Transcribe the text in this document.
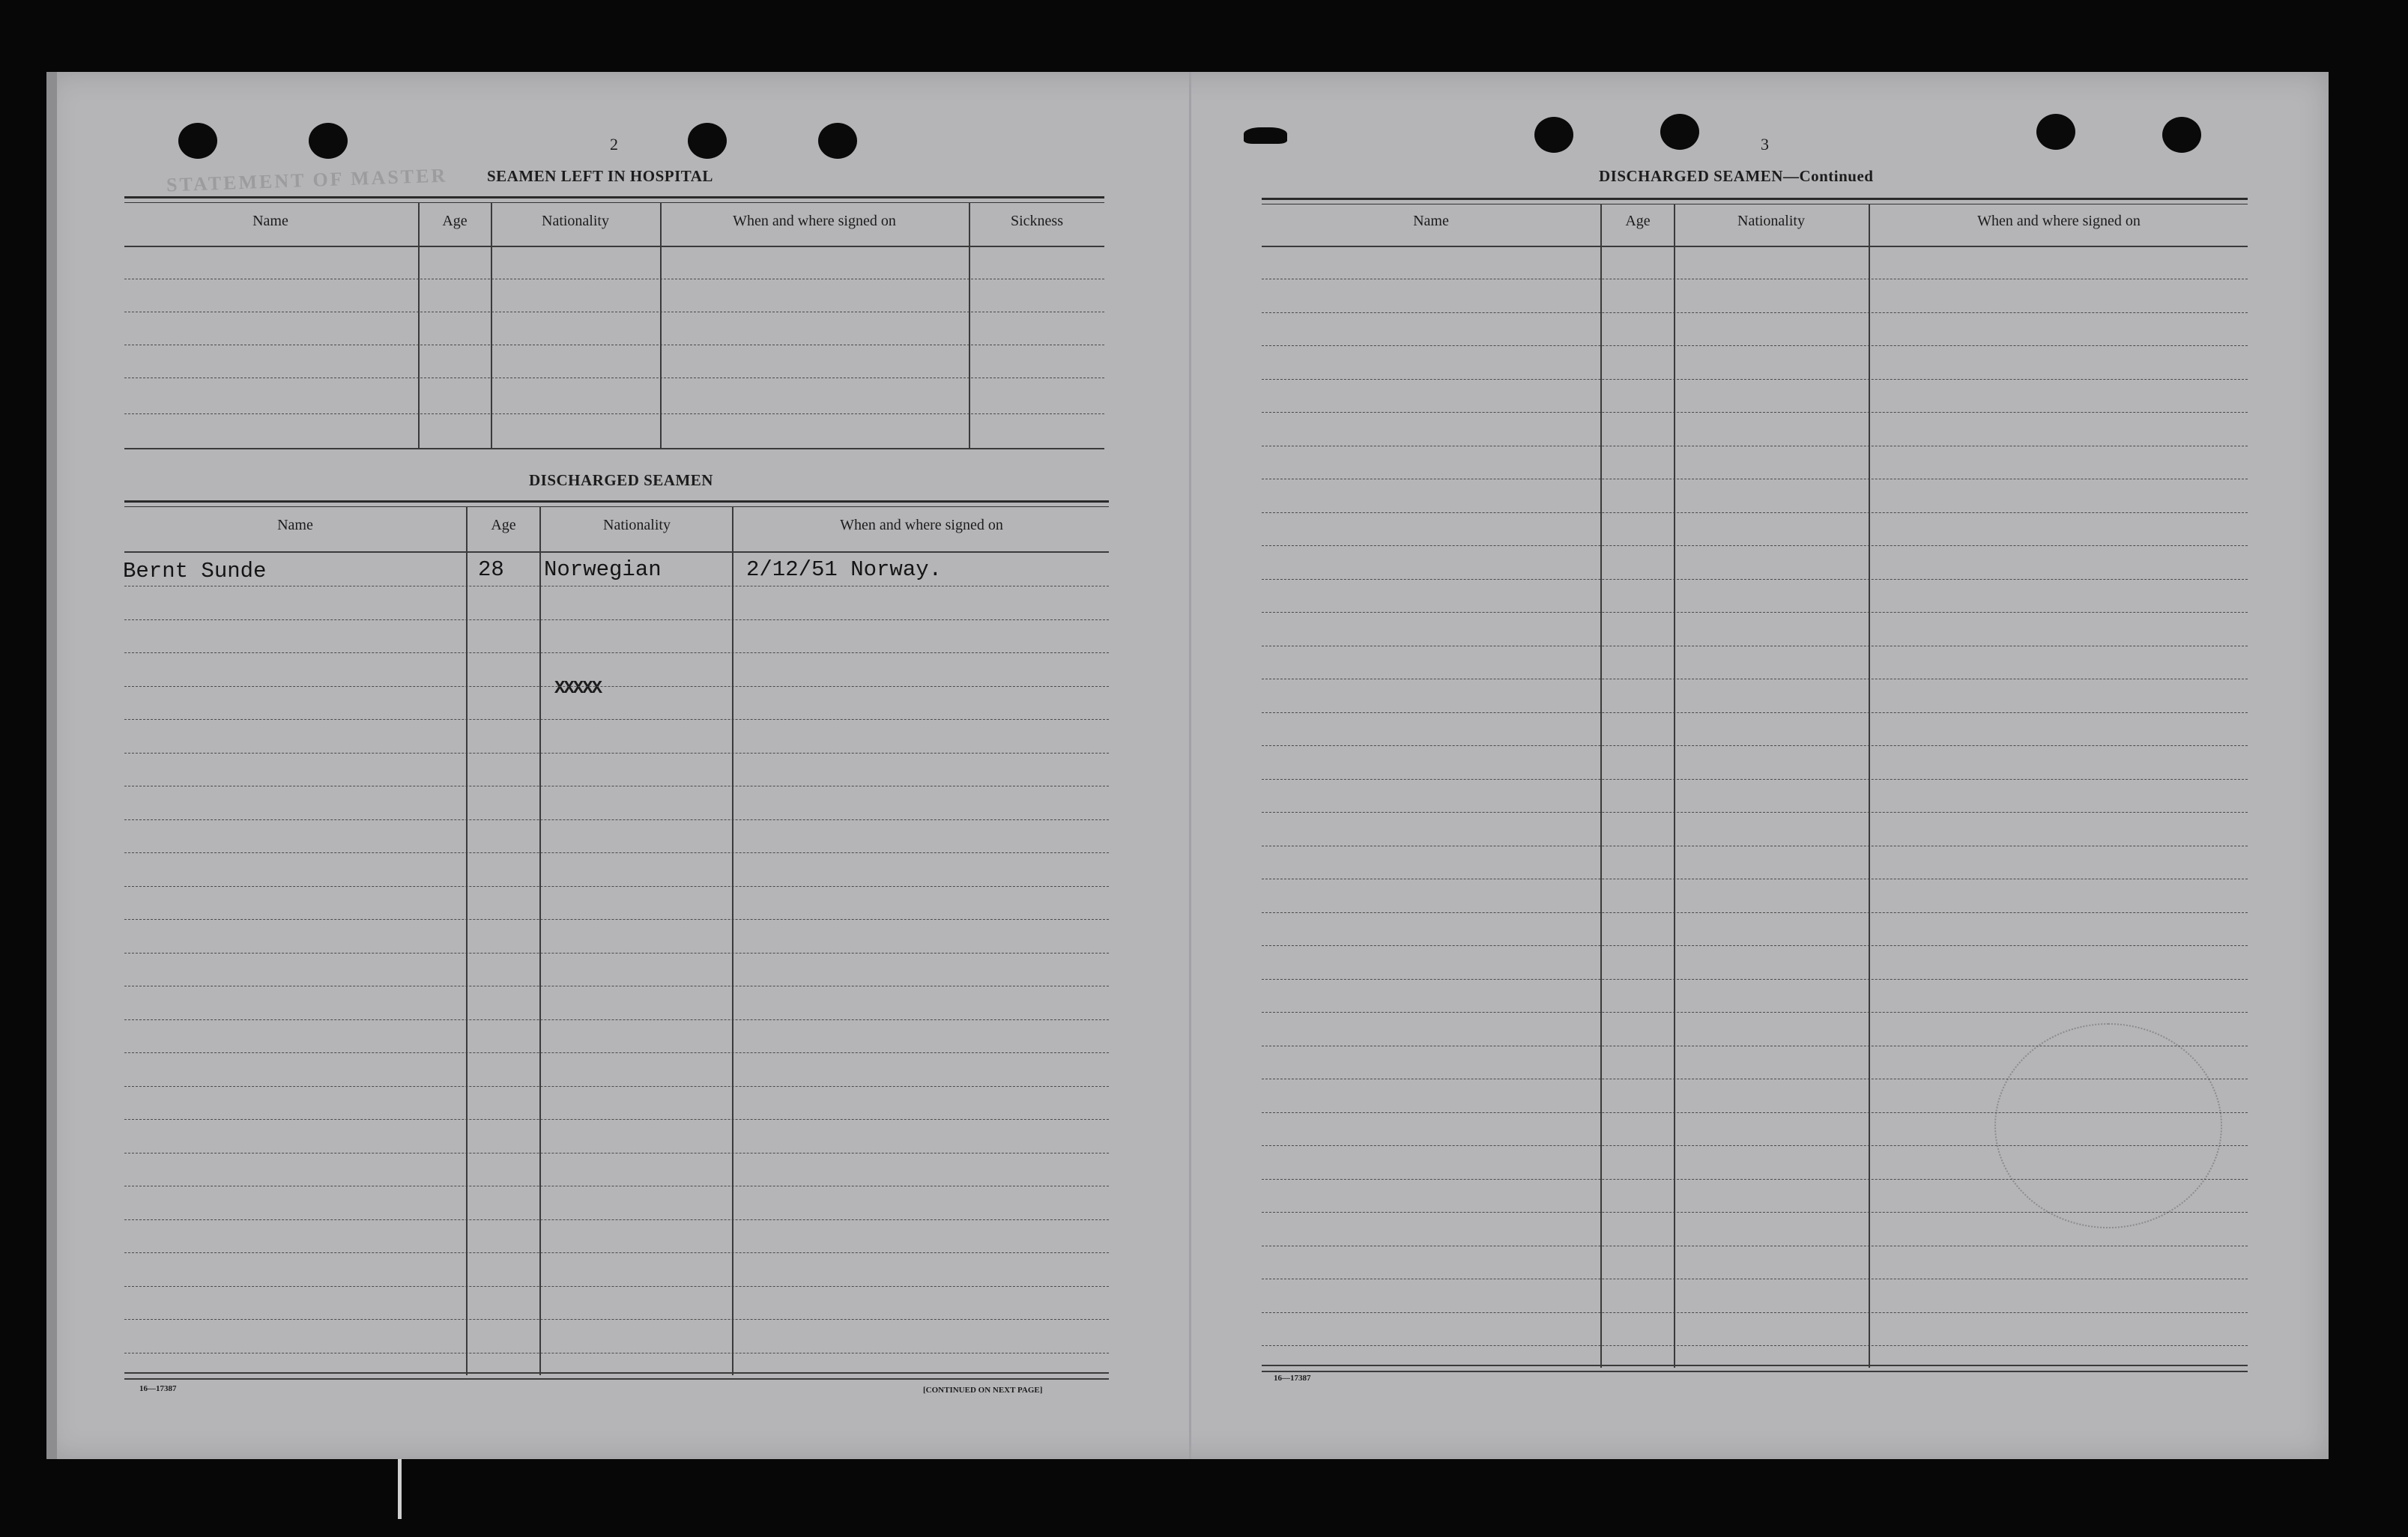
STATEMENT OF MASTER
2
SEAMEN LEFT IN HOSPITAL
Name	Age	Nationality	When and where signed on	Sickness
DISCHARGED SEAMEN
Name	Age	Nationality	When and where signed on
Bernt Sunde	28 Norwegian	2/12/51 Norway.
XXXXX
16—17387	[CONTINUED ON NEXT PAGE]
3
DISCHARGED SEAMEN—Continued
Name	Age	Nationality	When and where signed on
16—17387
